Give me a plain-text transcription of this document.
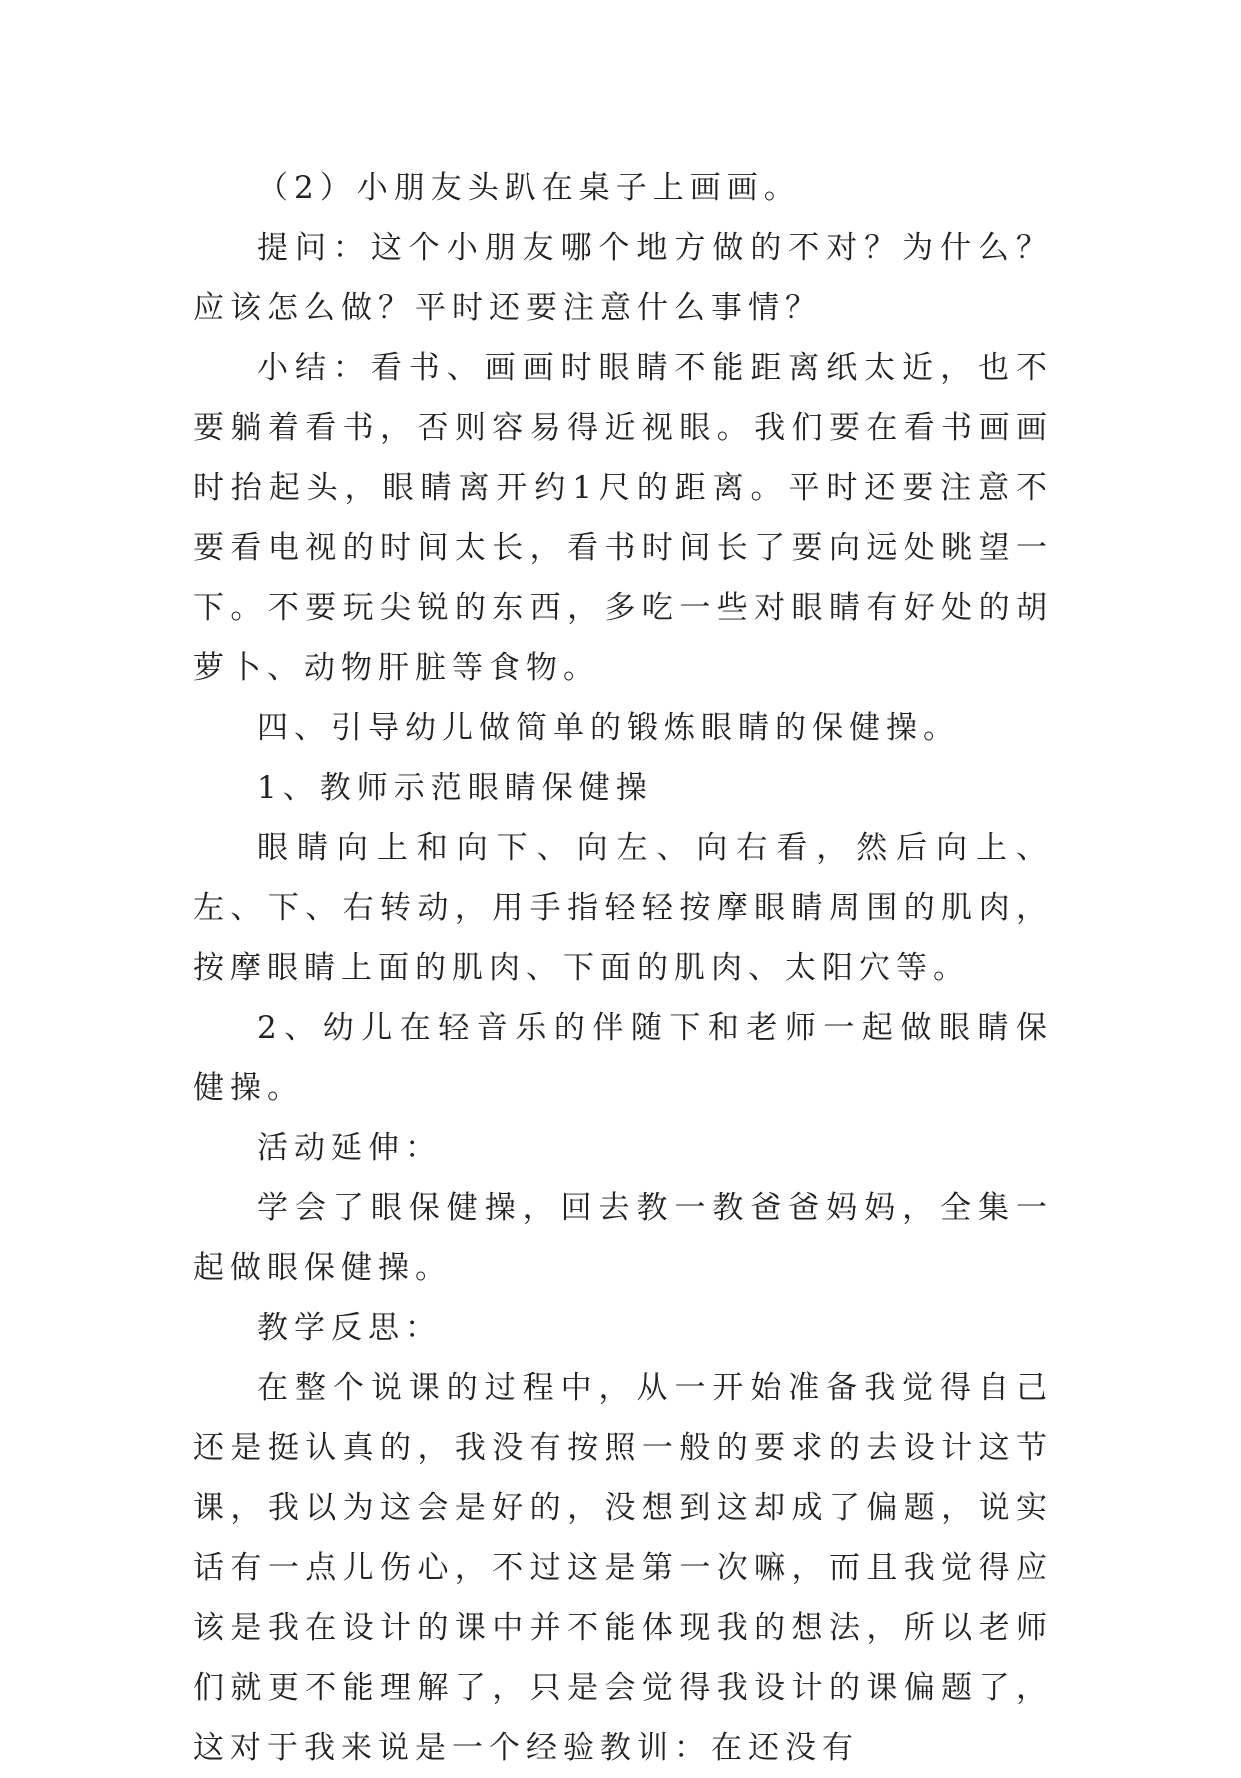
（2）小朋友头趴在桌子上画画。

提问：这个小朋友哪个地方做的不对？为什么？应该怎么做？平时还要注意什么事情？

小结：看书、画画时眼睛不能距离纸太近，也不要躺着看书，否则容易得近视眼。我们要在看书画画时抬起头，眼睛离开约1尺的距离。平时还要注意不要看电视的时间太长，看书时间长了要向远处眺望一下。不要玩尖锐的东西，多吃一些对眼睛有好处的胡萝卜、动物肝脏等食物。

四、引导幼儿做简单的锻炼眼睛的保健操。

1、教师示范眼睛保健操

眼睛向上和向下、向左、向右看，然后向上、左、下、右转动，用手指轻轻按摩眼睛周围的肌肉，按摩眼睛上面的肌肉、下面的肌肉、太阳穴等。

2、幼儿在轻音乐的伴随下和老师一起做眼睛保健操。

活动延伸：

学会了眼保健操，回去教一教爸爸妈妈，全集一起做眼保健操。

教学反思：

在整个说课的过程中，从一开始准备我觉得自己还是挺认真的，我没有按照一般的要求的去设计这节课，我以为这会是好的，没想到这却成了偏题，说实话有一点儿伤心，不过这是第一次嘛，而且我觉得应该是我在设计的课中并不能体现我的想法，所以老师们就更不能理解了，只是会觉得我设计的课偏题了，这对于我来说是一个经验教训：在还没有
